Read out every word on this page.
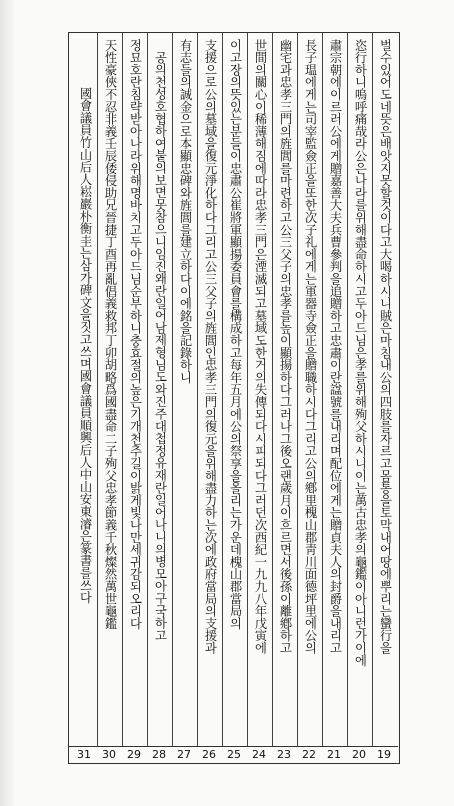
벌수있어도네뜻은배앗지못할것이다고大喝하시니賊은마침내公의四肢를자르고몸통을토막내어땅에뿌리는蠻行을
恣行하니嗚呼痛哉라公은나라를위해盡命하시고두아드님은孝를위해殉父하시니이는萬古忠孝의龜鑑이아니런가이에
肅宗朝에이르러公에게贈嘉善大夫兵曹參判을追贈하고忠肅이란諡號를내리며配位에게는贈貞夫人의封爵을내리고
長子瑥에게는司宰監僉正을또한次子礼에게는軍器寺僉正을贈職하시다그리고公의鄕里槐山郡靑川面德坪里에公의
幽宅과忠孝三門의旌閭를마련하고公三父子의忠孝를높이顯揚하다그러나그後오랜歲月이흐르면서後孫이離鄕하고
世間의關心이稀薄해짐에따라忠孝三門은湮滅되고墓域도한거의失傳되다시피되다그러던次西紀一九九八年戊寅에
이고장의뜻있는분들이忠肅公崔將軍顯揚委員會를構成하고每年五月에公의祭享을올리는가운데槐山郡當局의
支援으로公의墓域을復元淨化하다그리고公三父子의旌閭인忠孝三門의復元을위해盡力하는次에政府當局의支援과
有志들의誠金으로本顯忠碑와旌閭를建立하다이에銘을記錄하니
공의천성호협하여붙의보면못참으니임진왜란일어남제형님도와진주대첩정유재란일어나니의병모아구국하고
정묘호란침략받아나라위해명바치고두아드님순부하니충효절의높은기개천추길이밝게빛나만세귀감되오리다
天性豪俠不忍非義壬辰倭侵助兄晉捷丁酉再亂倡義救邦丁卯胡略爲國盡命二子殉父忠孝節義千秋燦然萬世龜鑑
國會議員竹山后人崧巖朴衡圭는삼가碑文을짓고쓰며國會議員順興后人中山安東濬은篆書를쓰다
19
20
21
22
23
24
25
26
27
28
29
30
31
